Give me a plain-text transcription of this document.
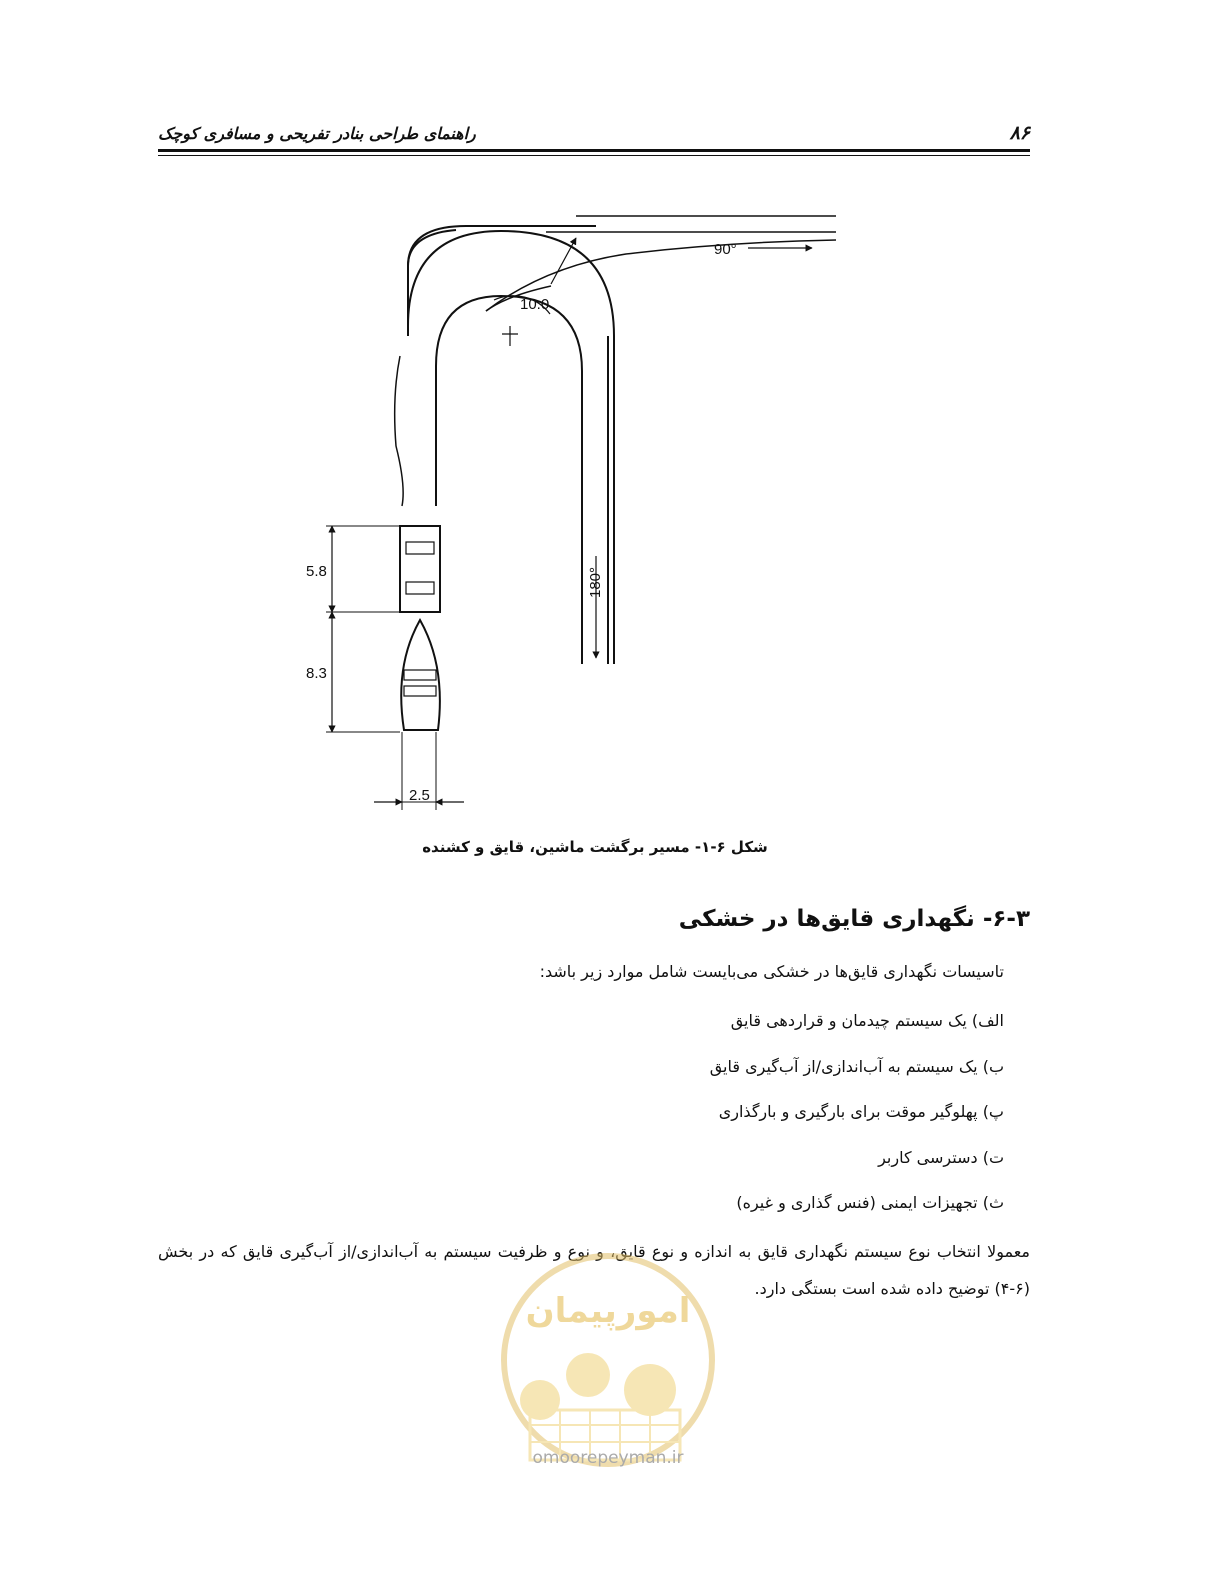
۸۶
راهنمای طراحی بنادر تفریحی و مسافری کوچک
90°
10.0
180°
5.8
8.3
2.5
شکل ۶-۱- مسیر برگشت ماشین، قایق و کشنده
۶-۳- نگهداری قایق‌ها در خشکی
تاسیسات نگهداری قایق‌ها در خشکی می‌بایست شامل موارد زیر باشد:
الف) یک سیستم چیدمان و قراردهی قایق
ب) یک سیستم به آب‌اندازی/از آب‌گیری قایق
پ) پهلوگیر موقت برای بارگیری و بارگذاری
ت) دسترسی کاربر
ث) تجهیزات ایمنی (فنس گذاری و غیره)
معمولا انتخاب نوع سیستم نگهداری قایق به اندازه و نوع قایق، و نوع و ظرفیت سیستم به آب‌اندازی/از آب‌گیری قایق که در بخش (۶-۴) توضیح داده شده است بستگی دارد.
امورپیمان
omoorepeyman.ir
